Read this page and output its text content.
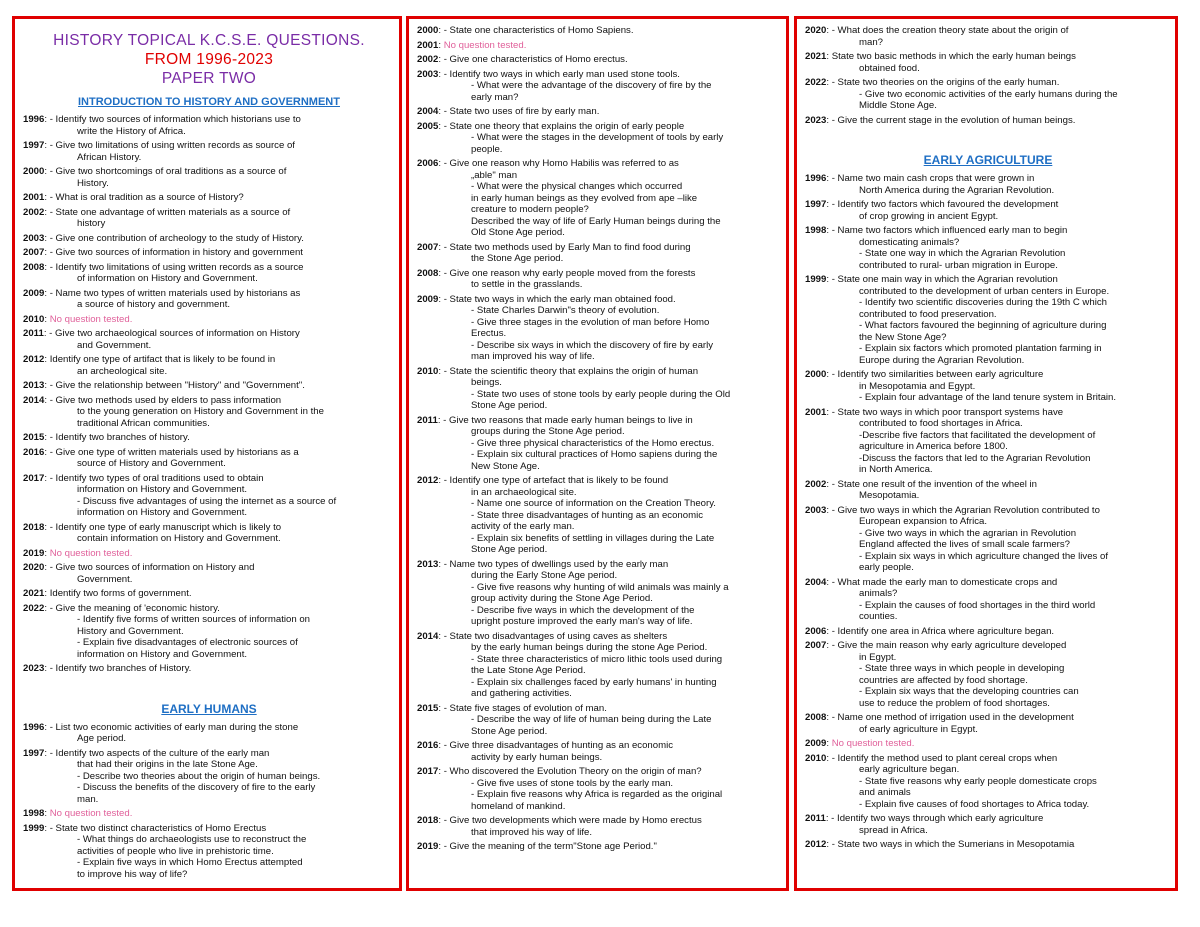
HISTORY TOPICAL K.C.S.E. QUESTIONS.
FROM 1996-2023
PAPER TWO
INTRODUCTION TO HISTORY AND GOVERNMENT
1996: - Identify two sources of information which historians use to
write the History of Africa.
1997: - Give two limitations of using written records as source of
African History.
2000: - Give two shortcomings of oral traditions as a source of
History.
2001: - What is oral tradition as a source of History?
2002: - State one advantage of written materials as a source of
history
2003: - Give one contribution of archeology to the study of History.
2007: - Give two sources of information in history and government
2008: - Identify two limitations of using written records as a source
of information on History and Government.
2009: - Name two types of written materials used by historians as
a source of history and government.
2010: No question tested.
2011: - Give two archaeological sources of information on History
and Government.
2012: Identify one type of artifact that is likely to be found in
an archeological site.
2013: - Give the relationship between "History" and "Government".
2014: - Give two methods used by elders to pass information
to the young generation on History and Government in the
traditional African communities.
2015: - Identify two branches of history.
2016: - Give one type of written materials used by historians as a
source of History and Government.
2017: - Identify two types of oral traditions used to obtain
information on History and Government.
- Discuss five advantages of using the internet as a source of
information on History and Government.
2018: - Identify one type of early manuscript which is likely to
contain information on History and Government.
2019: No question tested.
2020: - Give two sources of information on History and
Government.
2021: Identify two forms of government.
2022: - Give the meaning of 'economic history.
- Identify five forms of written sources of information on
History and Government.
- Explain five disadvantages of electronic sources of
information on History and Government.
2023: - Identify two branches of History.
EARLY HUMANS
1996: - List two economic activities of early man during the stone
Age period.
1997: - Identify two aspects of the culture of the early man
that had their origins in the late Stone Age.
- Describe two theories about the origin of human beings.
- Discuss the benefits of the discovery of fire to the early
man.
1998: No question tested.
1999: - State two distinct characteristics of Homo Erectus
- What things do archaeologists use to reconstruct the
activities of people who live in prehistoric time.
- Explain five ways in which Homo Erectus attempted
to improve his way of life?
2000: - State one characteristics of Homo Sapiens.
2001: No question tested.
2002: - Give one characteristics of Homo erectus.
2003: - Identify two ways in which early man used stone tools.
- What were the advantage of the discovery of fire by the
early man?
2004: - State two uses of fire by early man.
2005: - State one theory that explains the origin of early people
- What were the stages in the development of tools by early
people.
2006: - Give one reason why Homo Habilis was referred to as
„able" man
- What were the physical changes which occurred
in early human beings as they evolved from ape –like
creature to modern people?
Described the way of life of Early Human beings during the
Old Stone Age period.
2007: - State two methods used by Early Man to find food during
the Stone Age period.
2008: - Give one reason why early people moved from the forests
to settle in the grasslands.
2009: - State two ways in which the early man obtained food.
- State Charles Darwin"s theory of evolution.
- Give three stages in the evolution of man before Homo
Erectus.
- Describe six ways in which the discovery of fire by early
man improved his way of life.
2010: - State the scientific theory that explains the origin of human
beings.
- State two uses of stone tools by early people during the Old
Stone Age period.
2011: - Give two reasons that made early human beings to live in
groups during the Stone Age period.
- Give three physical characteristics of the Homo erectus.
- Explain six cultural practices of Homo sapiens during the
New Stone Age.
2012: - Identify one type of artefact that is likely to be found
in an archaeological site.
- Name one source of information on the Creation Theory.
- State three disadvantages of hunting as an economic
activity of the early man.
- Explain six benefits of settling in villages during the Late
Stone Age period.
2013: - Name two types of dwellings used by the early man
during the Early Stone Age period.
- Give five reasons why hunting of wild animals was mainly a
group activity during the Stone Age Period.
- Describe five ways in which the development of the
upright posture improved the early man's way of life.
2014: - State two disadvantages of using caves as shelters
by the early human beings during the stone Age Period.
- State three characteristics of micro lithic tools used during
the Late Stone Age Period.
- Explain six challenges faced by early humans' in hunting
and gathering activities.
2015: - State five stages of evolution of man.
- Describe the way of life of human being during the Late
Stone Age period.
2016: - Give three disadvantages of hunting as an economic
activity by early human beings.
2017: - Who discovered the Evolution Theory on the origin of man?
- Give five uses of stone tools by the early man.
- Explain five reasons why Africa is regarded as the original
homeland of mankind.
2018: - Give two developments which were made by Homo erectus
that improved his way of life.
2019: - Give the meaning of the term"Stone age Period."
2020: - What does the creation theory state about the origin of
man?
2021: State two basic methods in which the early human beings
obtained food.
2022: - State two theories on the origins of the early human.
- Give two economic activities of the early humans during the
Middle Stone Age.
2023: - Give the current stage in the evolution of human beings.
EARLY AGRICULTURE
1996: - Name two main cash crops that were grown in
North America during the Agrarian Revolution.
1997: - Identify two factors which favoured the development
of crop growing in ancient Egypt.
1998: - Name two factors which influenced early man to begin
domesticating animals?
- State one way in which the Agrarian Revolution
contributed to rural- urban migration in Europe.
1999: - State one main way in which the Agrarian revolution
contributed to the development of urban centers in Europe.
- Identify two scientific discoveries during the 19th C which
contributed to food preservation.
- What factors favoured the beginning of agriculture during
the New Stone Age?
- Explain six factors which promoted plantation farming in
Europe during the Agrarian Revolution.
2000: - Identify two similarities between early agriculture
in Mesopotamia and Egypt.
- Explain four advantage of the land tenure system in Britain.
2001: - State two ways in which poor transport systems have
contributed to food shortages in Africa.
-Describe five factors that facilitated the development of
agriculture in America before 1800.
-Discuss the factors that led to the Agrarian Revolution
in North America.
2002: - State one result of the invention of the wheel in
Mesopotamia.
2003: - Give two ways in which the Agrarian Revolution contributed to
European expansion to Africa.
- Give two ways in which the agrarian in Revolution
England affected the lives of small scale farmers?
- Explain six ways in which agriculture changed the lives of
early people.
2004: - What made the early man to domesticate crops and
animals?
- Explain the causes of food shortages in the third world
counties.
2006: - Identify one area in Africa where agriculture began.
2007: - Give the main reason why early agriculture developed
in Egypt.
- State three ways in which people in developing
countries are affected by food shortage.
- Explain six ways that the developing countries can
use to reduce the problem of food shortages.
2008: - Name one method of irrigation used in the development
of early agriculture in Egypt.
2009: No question tested.
2010: - Identify the method used to plant cereal crops when
early agriculture began.
- State five reasons why early people domesticate crops
and animals
- Explain five causes of food shortages to Africa today.
2011: - Identify two ways through which early agriculture
spread in Africa.
2012: - State two ways in which the Sumerians in Mesopotamia
